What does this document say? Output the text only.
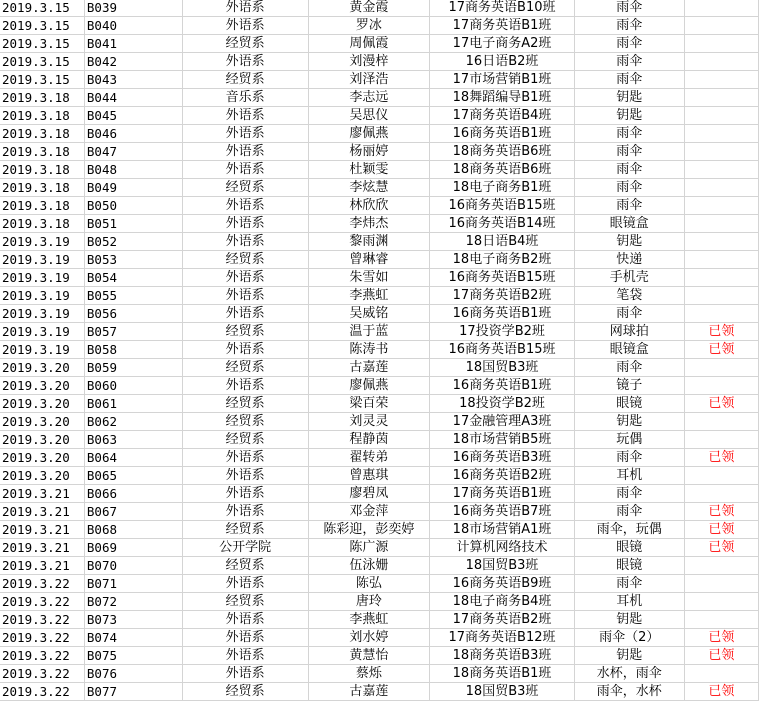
2019.3.15	B039	外语系	黄金霞	17商务英语B10班	雨伞	
2019.3.15	B040	外语系	罗冰	17商务英语B1班	雨伞	
2019.3.15	B041	经贸系	周佩霞	17电子商务A2班	雨伞	
2019.3.15	B042	外语系	刘漫梓	16日语B2班	雨伞	
2019.3.15	B043	经贸系	刘泽浩	17市场营销B1班	雨伞	
2019.3.18	B044	音乐系	李志远	18舞蹈编导B1班	钥匙	
2019.3.18	B045	外语系	吴思仪	17商务英语B4班	钥匙	
2019.3.18	B046	外语系	廖佩燕	16商务英语B1班	雨伞	
2019.3.18	B047	外语系	杨丽婷	18商务英语B6班	雨伞	
2019.3.18	B048	外语系	杜颖雯	18商务英语B6班	雨伞	
2019.3.18	B049	经贸系	李炫慧	18电子商务B1班	雨伞	
2019.3.18	B050	外语系	林欣欣	16商务英语B15班	雨伞	
2019.3.18	B051	外语系	李炜杰	16商务英语B14班	眼镜盒	
2019.3.19	B052	外语系	黎雨渊	18日语B4班	钥匙	
2019.3.19	B053	经贸系	曾琳睿	18电子商务B2班	快递	
2019.3.19	B054	外语系	朱雪如	16商务英语B15班	手机壳	
2019.3.19	B055	外语系	李燕虹	17商务英语B2班	笔袋	
2019.3.19	B056	外语系	吴威铭	16商务英语B1班	雨伞	
2019.3.19	B057	经贸系	温于蓝	17投资学B2班	网球拍	已领
2019.3.19	B058	外语系	陈涛书	16商务英语B15班	眼镜盒	已领
2019.3.20	B059	经贸系	古嘉莲	18国贸B3班	雨伞	
2019.3.20	B060	外语系	廖佩燕	16商务英语B1班	镜子	
2019.3.20	B061	经贸系	梁百荣	18投资学B2班	眼镜	已领
2019.3.20	B062	经贸系	刘灵灵	17金融管理A3班	钥匙	
2019.3.20	B063	经贸系	程静茵	18市场营销B5班	玩偶	
2019.3.20	B064	外语系	翟转弟	16商务英语B3班	雨伞	已领
2019.3.20	B065	外语系	曾惠琪	16商务英语B2班	耳机	
2019.3.21	B066	外语系	廖碧凤	17商务英语B1班	雨伞	
2019.3.21	B067	外语系	邓金萍	16商务英语B7班	雨伞	已领
2019.3.21	B068	经贸系	陈彩迎，彭奕婷	18市场营销A1班	雨伞，玩偶	已领
2019.3.21	B069	公开学院	陈广源	计算机网络技术	眼镜	已领
2019.3.21	B070	经贸系	伍泳姗	18国贸B3班	眼镜	
2019.3.22	B071	外语系	陈弘	16商务英语B9班	雨伞	
2019.3.22	B072	经贸系	唐玲	18电子商务B4班	耳机	
2019.3.22	B073	外语系	李燕虹	17商务英语B2班	钥匙	
2019.3.22	B074	外语系	刘水婷	17商务英语B12班	雨伞（2）	已领
2019.3.22	B075	外语系	黄慧怡	18商务英语B3班	钥匙	已领
2019.3.22	B076	外语系	蔡烁	18商务英语B1班	水杯，雨伞	
2019.3.22	B077	经贸系	古嘉莲	18国贸B3班	雨伞，水杯	已领
